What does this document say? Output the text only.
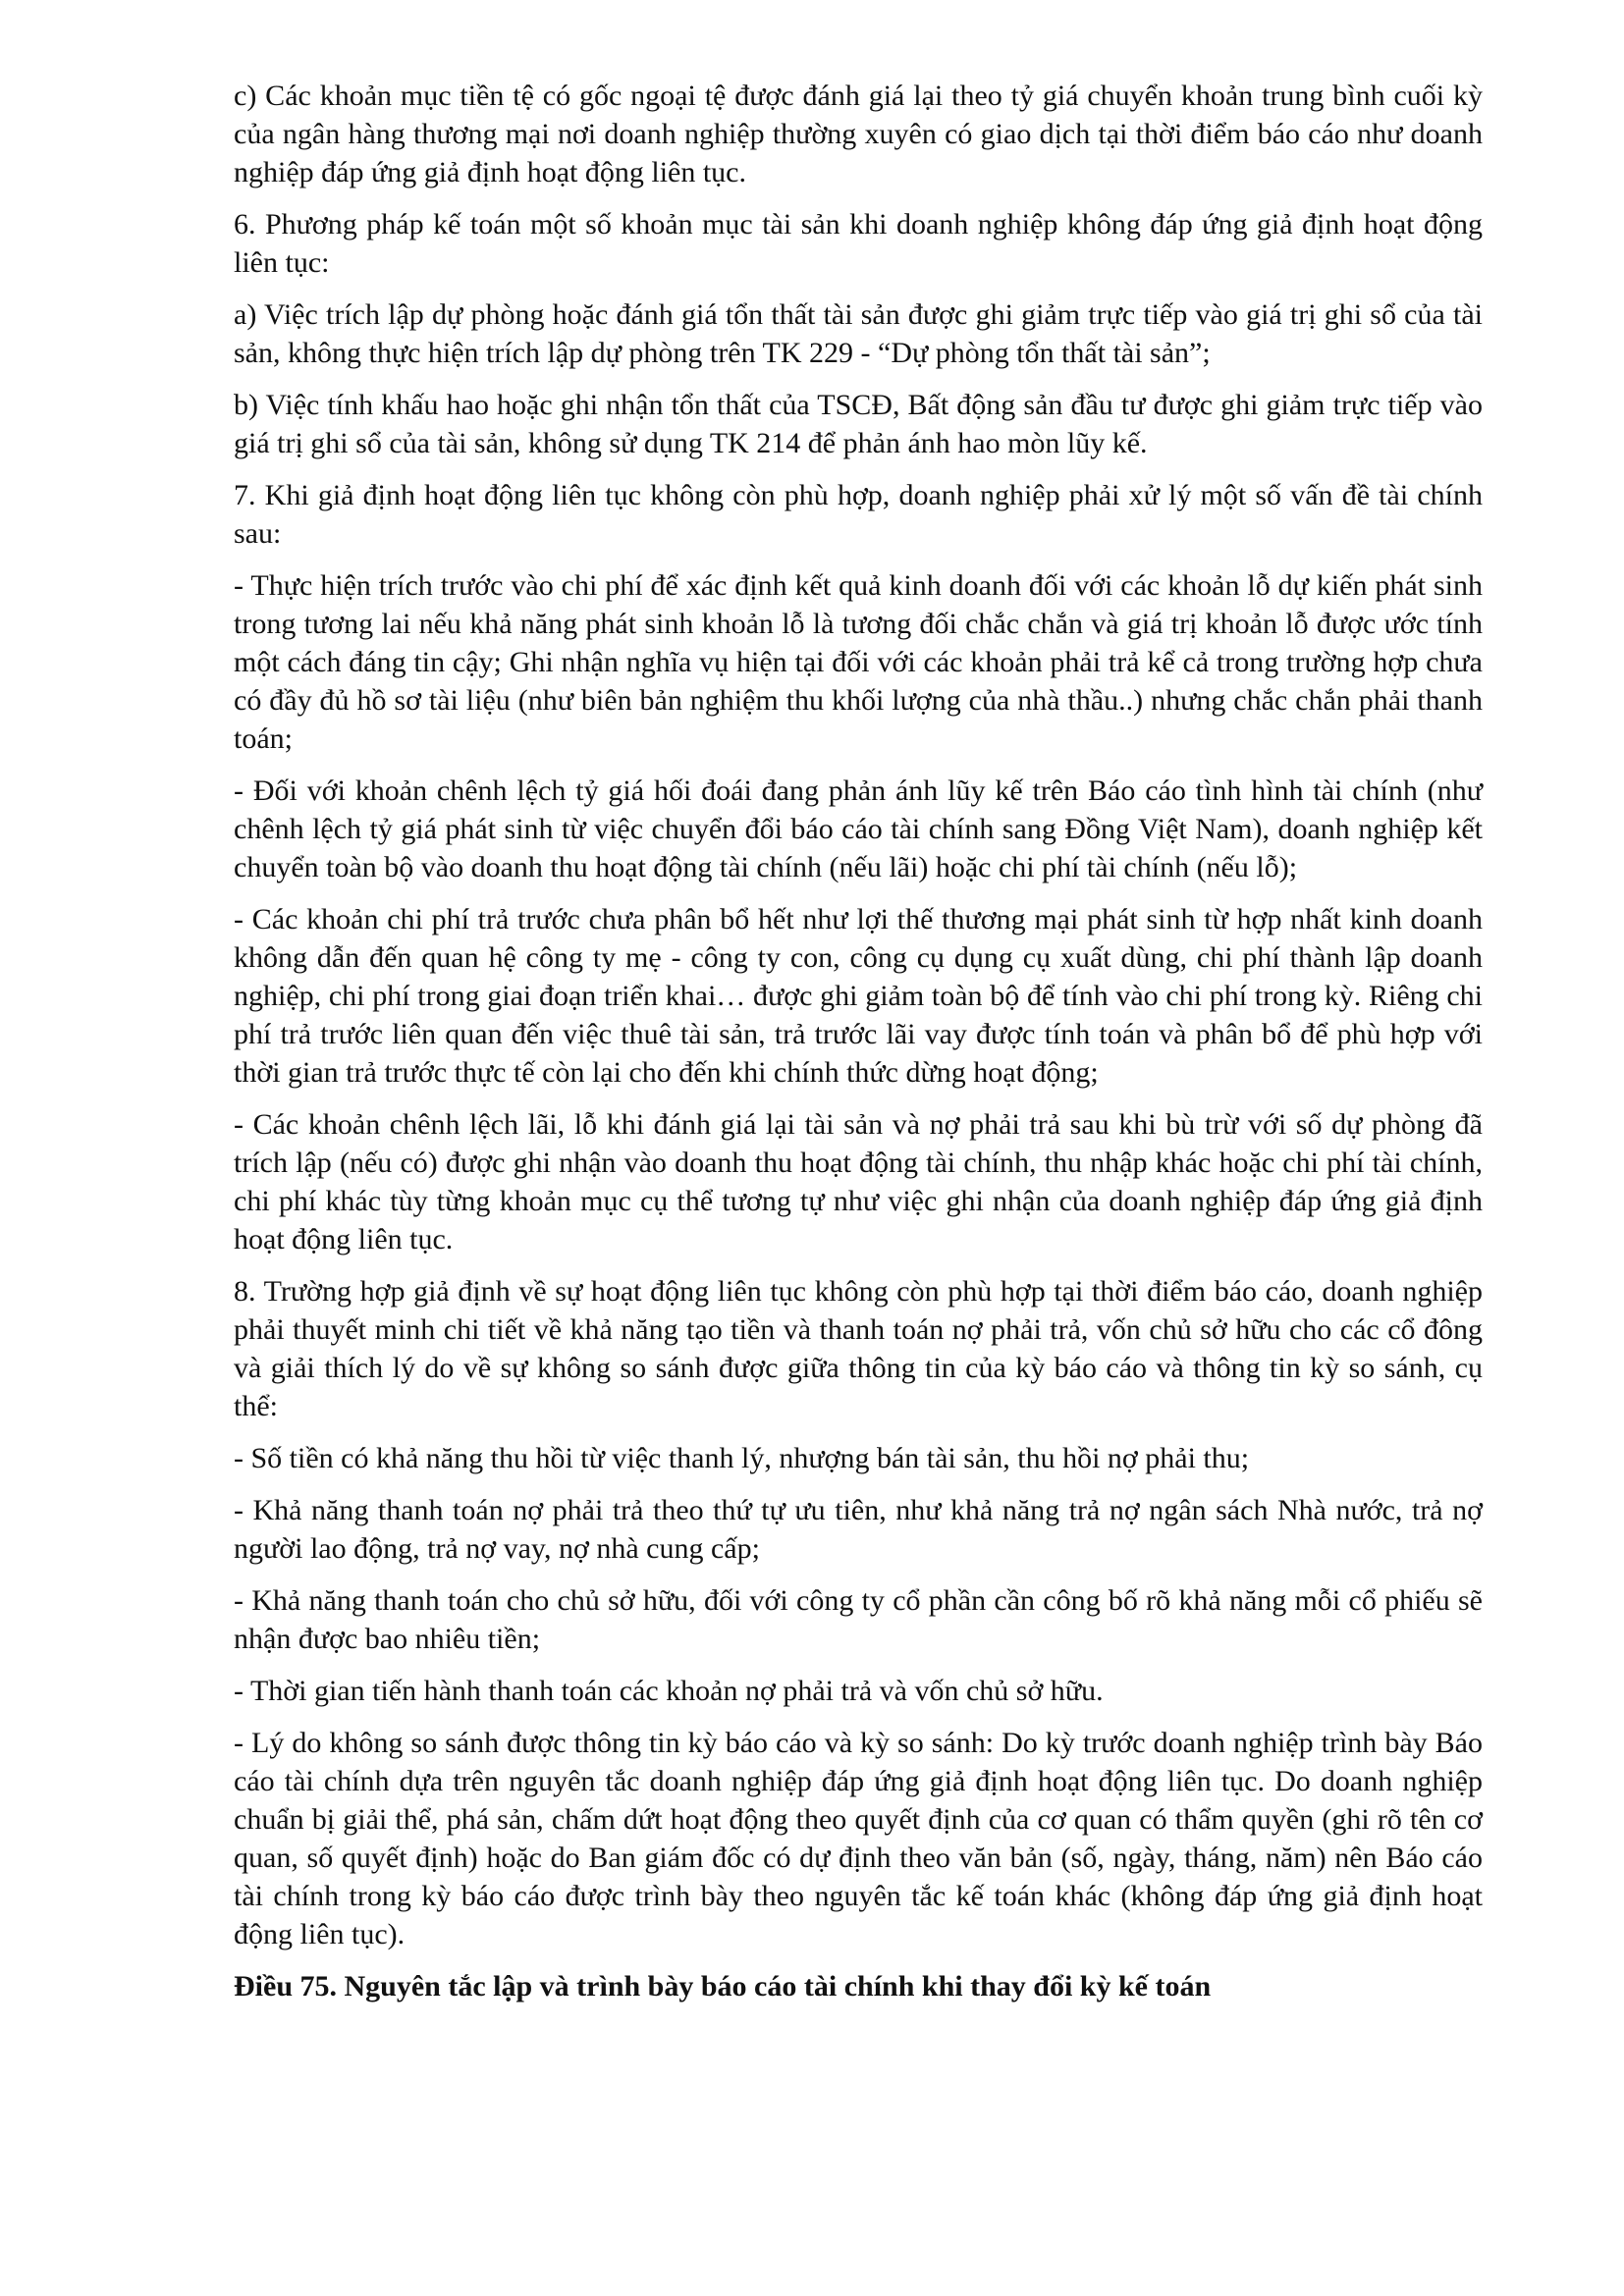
c) Các khoản mục tiền tệ có gốc ngoại tệ được đánh giá lại theo tỷ giá chuyển khoản trung bình cuối kỳ của ngân hàng thương mại nơi doanh nghiệp thường xuyên có giao dịch tại thời điểm báo cáo như doanh nghiệp đáp ứng giả định hoạt động liên tục.

6. Phương pháp kế toán một số khoản mục tài sản khi doanh nghiệp không đáp ứng giả định hoạt động liên tục:

a) Việc trích lập dự phòng hoặc đánh giá tổn thất tài sản được ghi giảm trực tiếp vào giá trị ghi sổ của tài sản, không thực hiện trích lập dự phòng trên TK 229 - “Dự phòng tổn thất tài sản”;

b) Việc tính khấu hao hoặc ghi nhận tổn thất của TSCĐ, Bất động sản đầu tư được ghi giảm trực tiếp vào giá trị ghi sổ của tài sản, không sử dụng TK 214 để phản ánh hao mòn lũy kế.

7. Khi giả định hoạt động liên tục không còn phù hợp, doanh nghiệp phải xử lý một số vấn đề tài chính sau:

- Thực hiện trích trước vào chi phí để xác định kết quả kinh doanh đối với các khoản lỗ dự kiến phát sinh trong tương lai nếu khả năng phát sinh khoản lỗ là tương đối chắc chắn và giá trị khoản lỗ được ước tính một cách đáng tin cậy; Ghi nhận nghĩa vụ hiện tại đối với các khoản phải trả kể cả trong trường hợp chưa có đầy đủ hồ sơ tài liệu (như biên bản nghiệm thu khối lượng của nhà thầu..) nhưng chắc chắn phải thanh toán;

- Đối với khoản chênh lệch tỷ giá hối đoái đang phản ánh lũy kế trên Báo cáo tình hình tài chính (như chênh lệch tỷ giá phát sinh từ việc chuyển đổi báo cáo tài chính sang Đồng Việt Nam), doanh nghiệp kết chuyển toàn bộ vào doanh thu hoạt động tài chính (nếu lãi) hoặc chi phí tài chính (nếu lỗ);

- Các khoản chi phí trả trước chưa phân bổ hết như lợi thế thương mại phát sinh từ hợp nhất kinh doanh không dẫn đến quan hệ công ty mẹ - công ty con, công cụ dụng cụ xuất dùng, chi phí thành lập doanh nghiệp, chi phí trong giai đoạn triển khai… được ghi giảm toàn bộ để tính vào chi phí trong kỳ. Riêng chi phí trả trước liên quan đến việc thuê tài sản, trả trước lãi vay được tính toán và phân bổ để phù hợp với thời gian trả trước thực tế còn lại cho đến khi chính thức dừng hoạt động;

- Các khoản chênh lệch lãi, lỗ khi đánh giá lại tài sản và nợ phải trả sau khi bù trừ với số dự phòng đã trích lập (nếu có) được ghi nhận vào doanh thu hoạt động tài chính, thu nhập khác hoặc chi phí tài chính, chi phí khác tùy từng khoản mục cụ thể tương tự như việc ghi nhận của doanh nghiệp đáp ứng giả định hoạt động liên tục.

8. Trường hợp giả định về sự hoạt động liên tục không còn phù hợp tại thời điểm báo cáo, doanh nghiệp phải thuyết minh chi tiết về khả năng tạo tiền và thanh toán nợ phải trả, vốn chủ sở hữu cho các cổ đông và giải thích lý do về sự không so sánh được giữa thông tin của kỳ báo cáo và thông tin kỳ so sánh, cụ thể:

- Số tiền có khả năng thu hồi từ việc thanh lý, nhượng bán tài sản, thu hồi nợ phải thu;

- Khả năng thanh toán nợ phải trả theo thứ tự ưu tiên, như khả năng trả nợ ngân sách Nhà nước, trả nợ người lao động, trả nợ vay, nợ nhà cung cấp;

- Khả năng thanh toán cho chủ sở hữu, đối với công ty cổ phần cần công bố rõ khả năng mỗi cổ phiếu sẽ nhận được bao nhiêu tiền;

- Thời gian tiến hành thanh toán các khoản nợ phải trả và vốn chủ sở hữu.

- Lý do không so sánh được thông tin kỳ báo cáo và kỳ so sánh: Do kỳ trước doanh nghiệp trình bày Báo cáo tài chính dựa trên nguyên tắc doanh nghiệp đáp ứng giả định hoạt động liên tục. Do doanh nghiệp chuẩn bị giải thể, phá sản, chấm dứt hoạt động theo quyết định của cơ quan có thẩm quyền (ghi rõ tên cơ quan, số quyết định) hoặc do Ban giám đốc có dự định theo văn bản (số, ngày, tháng, năm) nên Báo cáo tài chính trong kỳ báo cáo được trình bày theo nguyên tắc kế toán khác (không đáp ứng giả định hoạt động liên tục).

Điều 75. Nguyên tắc lập và trình bày báo cáo tài chính khi thay đổi kỳ kế toán
